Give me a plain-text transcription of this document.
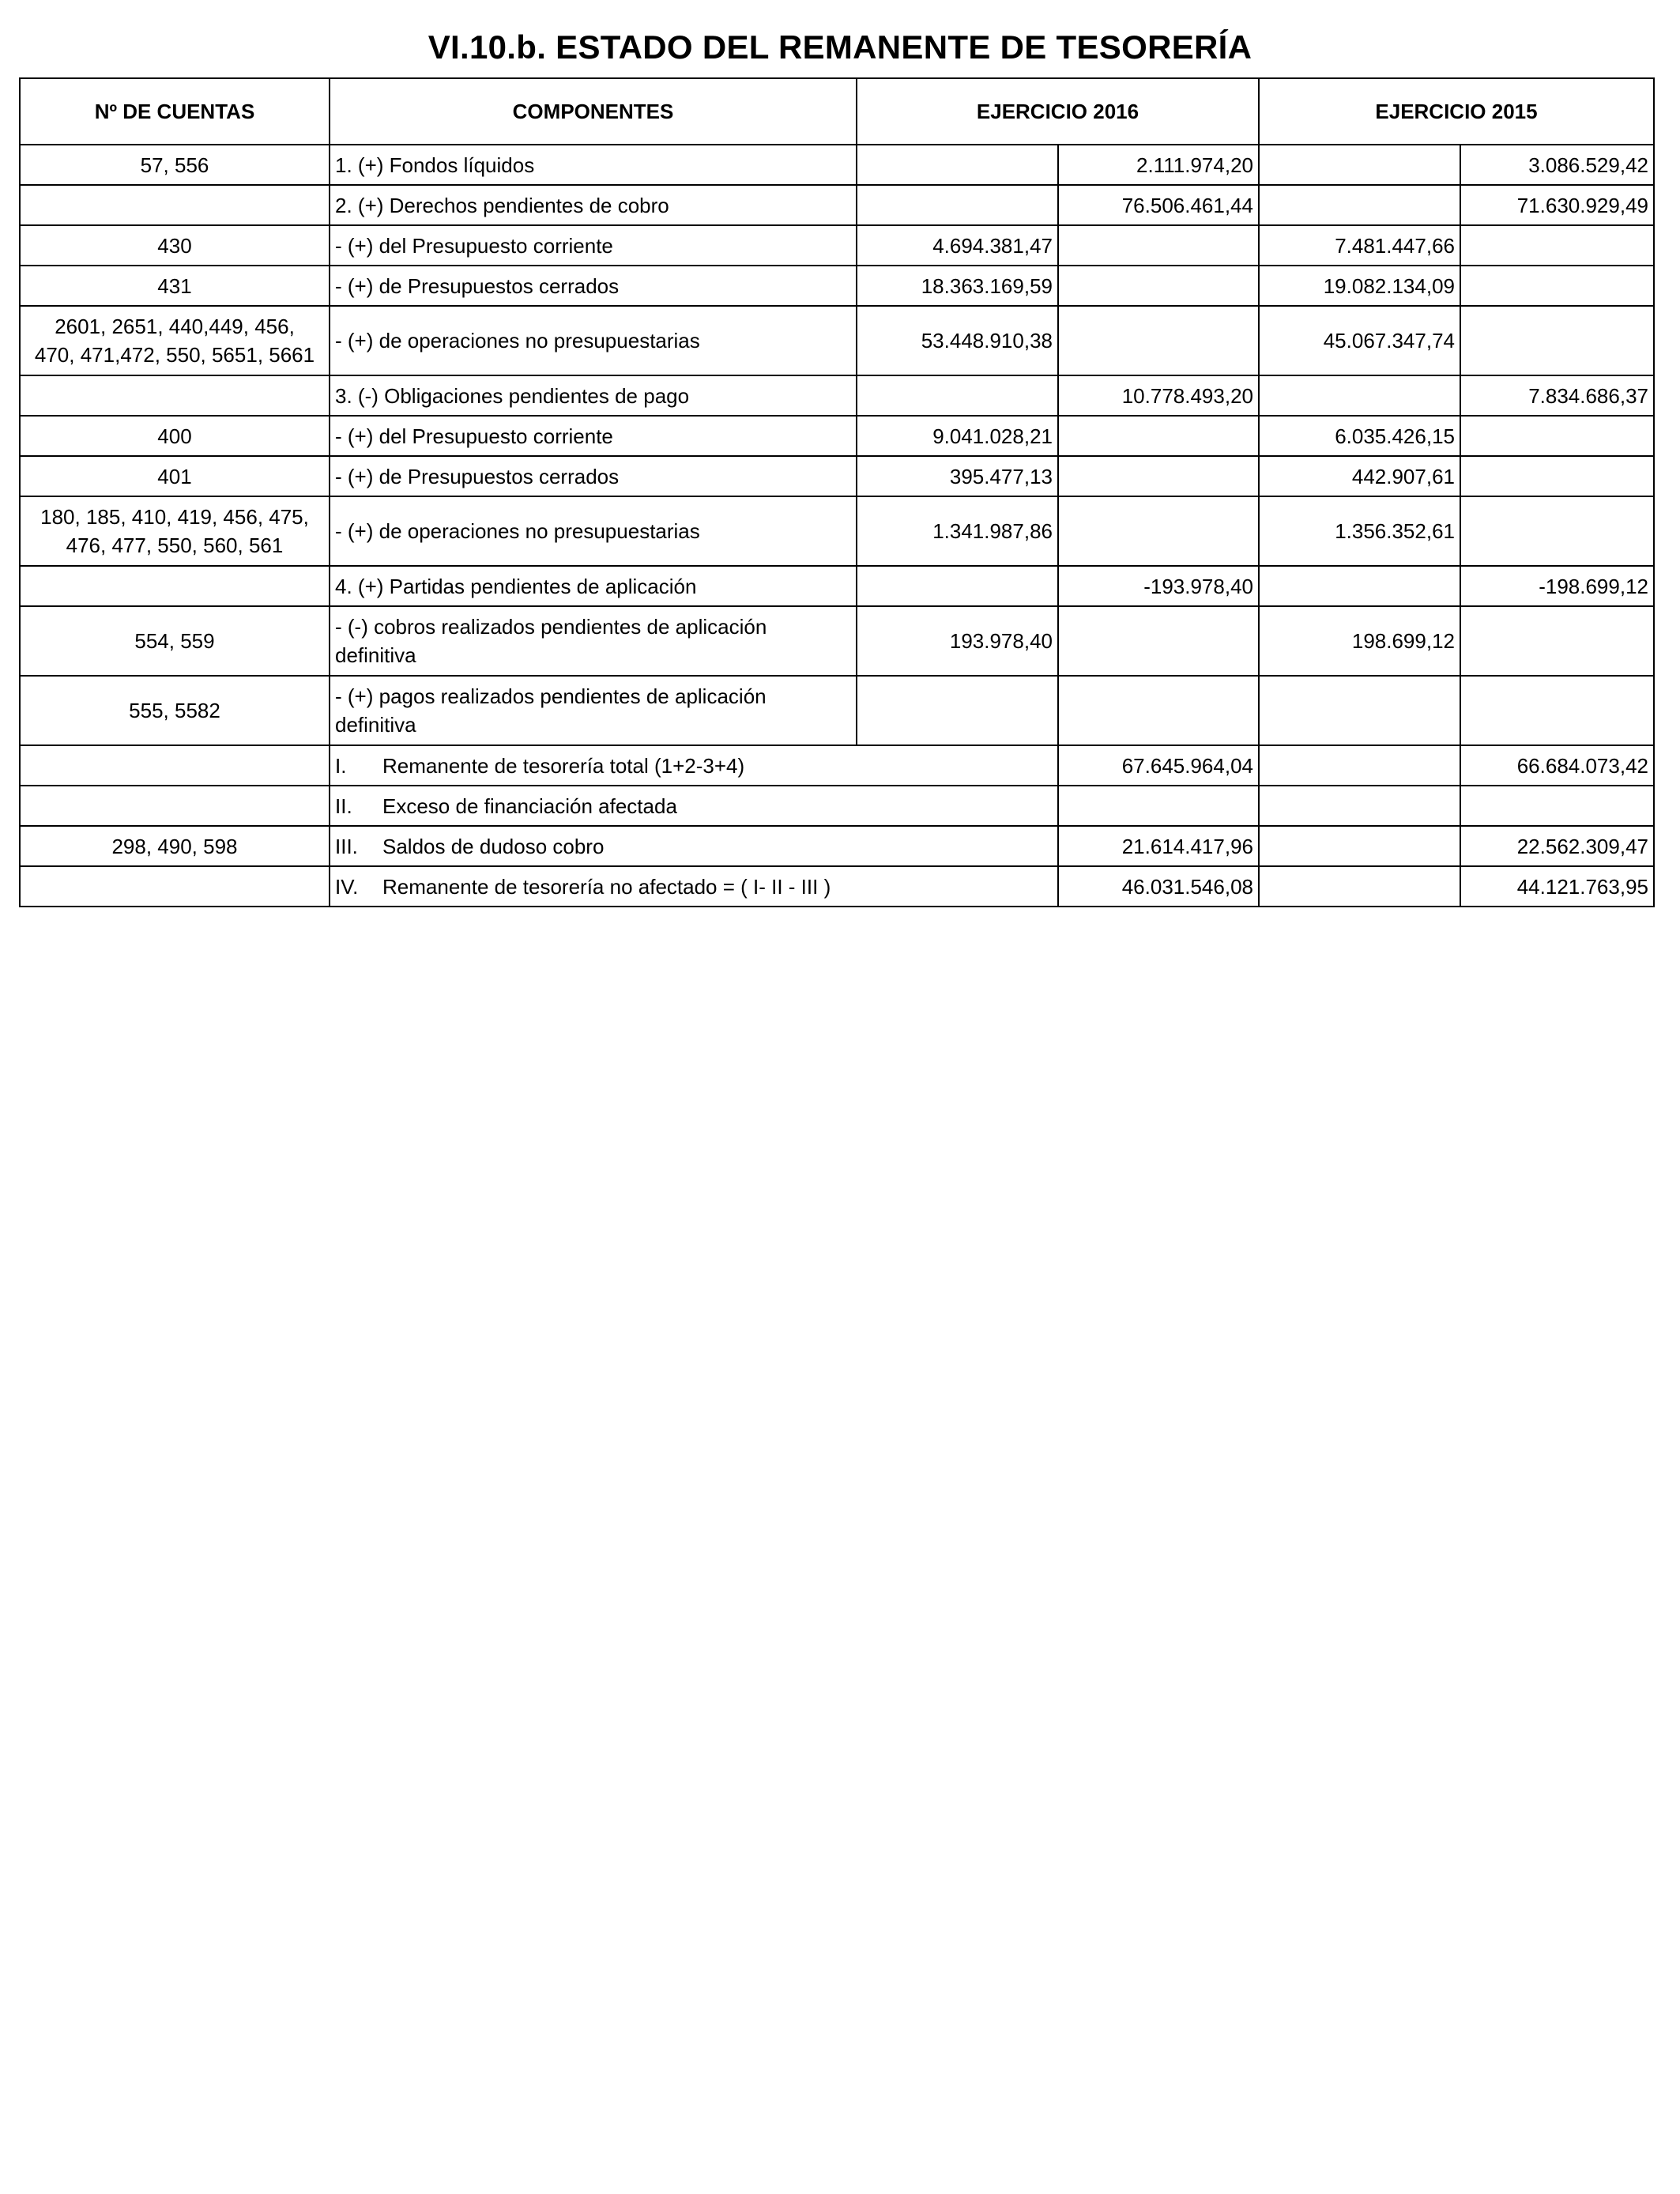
VI.10.b. ESTADO DEL REMANENTE DE TESORERÍA
Nº DE CUENTAS	COMPONENTES	EJERCICIO 2016		EJERCICIO 2015	
57, 556	1. (+) Fondos líquidos		2.111.974,20		3.086.529,42
	2. (+) Derechos pendientes de cobro		76.506.461,44		71.630.929,49
430	- (+) del Presupuesto corriente	4.694.381,47		7.481.447,66	
431	- (+) de Presupuestos cerrados	18.363.169,59		19.082.134,09	

2601, 2651, 440,449, 456,
470, 471,472, 550, 5651, 5661	- (+) de operaciones no presupuestarias	53.448.910,38		45.067.347,74	
	3. (-) Obligaciones pendientes de pago		10.778.493,20		7.834.686,37
400	- (+) del Presupuesto corriente	9.041.028,21		6.035.426,15	
401	- (+) de Presupuestos cerrados	395.477,13		442.907,61	

180, 185, 410, 419, 456, 475,
476, 477, 550, 560, 561	- (+) de operaciones no presupuestarias	1.341.987,86		1.356.352,61	
	4. (+) Partidas pendientes de aplicación		-193.978,40		-198.699,12
554, 559	- (-) cobros realizados pendientes de aplicación
definitiva	193.978,40		198.699,12	
555, 5582	- (+) pagos realizados pendientes de aplicación
definitiva				

	I. Remanente de tesorería total (1+2-3+4)		67.645.964,04		66.684.073,42
	II. Exceso de financiación afectada				
298, 490, 598	III. Saldos de dudoso cobro		21.614.417,96		22.562.309,47
	IV. Remanente de tesorería no afectado = ( I- II - III )		46.031.546,08		44.121.763,95
